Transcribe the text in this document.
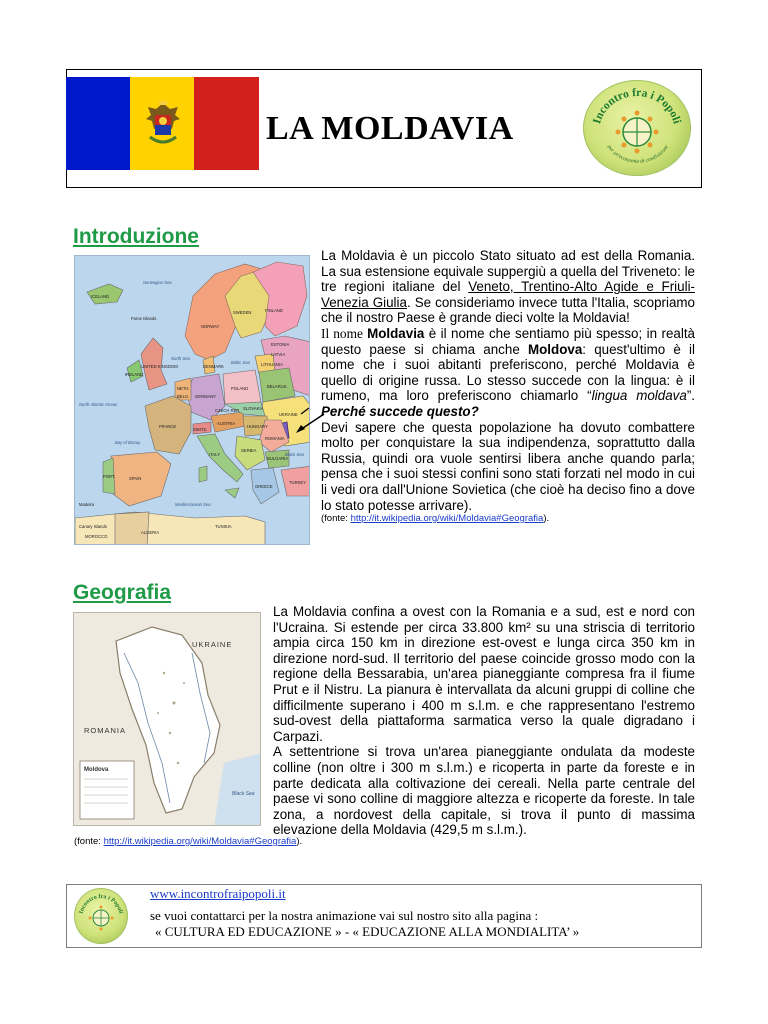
LA MOLDAVIA	Incontro fra i Popoli
per un'economia di condivisione
Introduzione
ICELAND
Norwegian Sea
FINLAND
SWEDEN
NORWAY
North Sea
IRELAND
UNITED KINGDOM	DENMARK
ESTONIA
LATVIA
LITHUANIA
NETH.
GERMANY
POLAND	BELARUS
UKRAINE
FRANCE
SWITZ.
AUSTRIA
HUNGARY
ROMANIA
ITALY
BULGARIA
SPAIN
PORT.
GREECE
TURKEY
MOROCCO
ALGERIA
TUNISIA
North Atlantic Ocean
Bay of Biscay
Black Sea
Mediterranean Sea
Faroe Islands
Madeira
Canary Islands
Baltic Sea
SERBIA
SLOVAKIA
CZECH REP.
BELG.

La Moldavia è un piccolo Stato situato ad est della Romania. La sua estensione equivale suppergiù a quella del Triveneto: le tre regioni italiane del Veneto, Trentino-Alto Agide e Friuli-Venezia Giulia. Se consideriamo invece tutta l'Italia, scopriamo che il nostro Paese è grande dieci volte la Moldavia!

Il nome Moldavia è il nome che sentiamo più spesso; in realtà questo paese si chiama anche Moldova: quest'ultimo è il nome che i suoi abitanti preferiscono, perché Moldavia è quello di origine russa. Lo stesso succede con la lingua: è il rumeno, ma loro preferiscono chiamarlo “lingua moldava”. Perché succede questo?

Devi sapere che questa popolazione ha dovuto combattere molto per conquistare la sua indipendenza, soprattutto dalla Russia, quindi ora vuole sentirsi libera anche quando parla; pensa che i suoi stessi confini sono stati forzati nel modo in cui li vedi ora dall'Unione Sovietica (che cioè ha deciso fino a dove lo stato potesse arrivare).

(fonte: http://it.wikipedia.org/wiki/Moldavia#Geografia).

Geografia
UKRAINE
ROMANIA
Moldova
Black Sea

La Moldavia confina a ovest con la Romania e a sud, est e nord con l'Ucraina. Si estende per circa 33.800 km² su una striscia di territorio ampia circa 150 km in direzione est-ovest e lunga circa 350 km in direzione nord-sud. Il territorio del paese coincide grosso modo con la regione della Bessarabia, un'area pianeggiante compresa fra il fiume Prut e il Nistru. La pianura è intervallata da alcuni gruppi di colline che difficilmente superano i 400 m s.l.m. e che rappresentano l'estremo sud-ovest della piattaforma sarmatica verso la quale digradano i Carpazi.

A settentrione si trova un'area pianeggiante ondulata da modeste colline (non oltre i 300 m s.l.m.) e ricoperta in parte da foreste e in parte dedicata alla coltivazione dei cereali. Nella parte centrale del paese vi sono colline di maggiore altezza e ricoperte da foreste. In tale zona, a nordovest della capitale, si trova il punto di massima elevazione della Moldavia (429,5 m s.l.m.).

(fonte: http://it.wikipedia.org/wiki/Moldavia#Geografia).
Incontro fra i Popoli
www.incontrofraipopoli.it
se vuoi contattarci per la nostra animazione vai sul nostro sito alla pagina :
« CULTURA ED EDUCAZIONE » - « EDUCAZIONE ALLA MONDIALITA’ »
